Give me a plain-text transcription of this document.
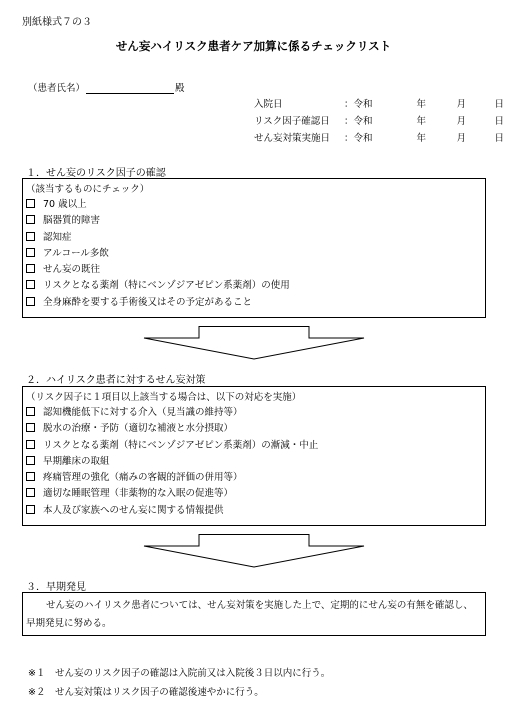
別紙様式７の３
せん妄ハイリスク患者ケア加算に係るチェックリスト
（患者氏名）	殿
入院日	：令和	年	月	日
リスク因子確認日	：令和	年	月	日
せん妄対策実施日	：令和	年	月	日
１．せん妄のリスク因子の確認
（該当するものにチェック）
70 歳以上
脳器質的障害
認知症
アルコール多飲
せん妄の既往
リスクとなる薬剤（特にベンゾジアゼピン系薬剤）の使用
全身麻酔を要する手術後又はその予定があること
２．ハイリスク患者に対するせん妄対策
（リスク因子に１項目以上該当する場合は、以下の対応を実施）
認知機能低下に対する介入（見当識の維持等）
脱水の治療・予防（適切な補液と水分摂取）
リスクとなる薬剤（特にベンゾジアゼピン系薬剤）の漸減・中止
早期離床の取組
疼痛管理の強化（痛みの客観的評価の併用等）
適切な睡眠管理（非薬物的な入眠の促進等）
本人及び家族へのせん妄に関する情報提供
３．早期発見
せん妄のハイリスク患者については、せん妄対策を実施した上で、定期的にせん妄の有無を確認し、早期発見に努める。
※１　せん妄のリスク因子の確認は入院前又は入院後３日以内に行う。
※２　せん妄対策はリスク因子の確認後速やかに行う。
